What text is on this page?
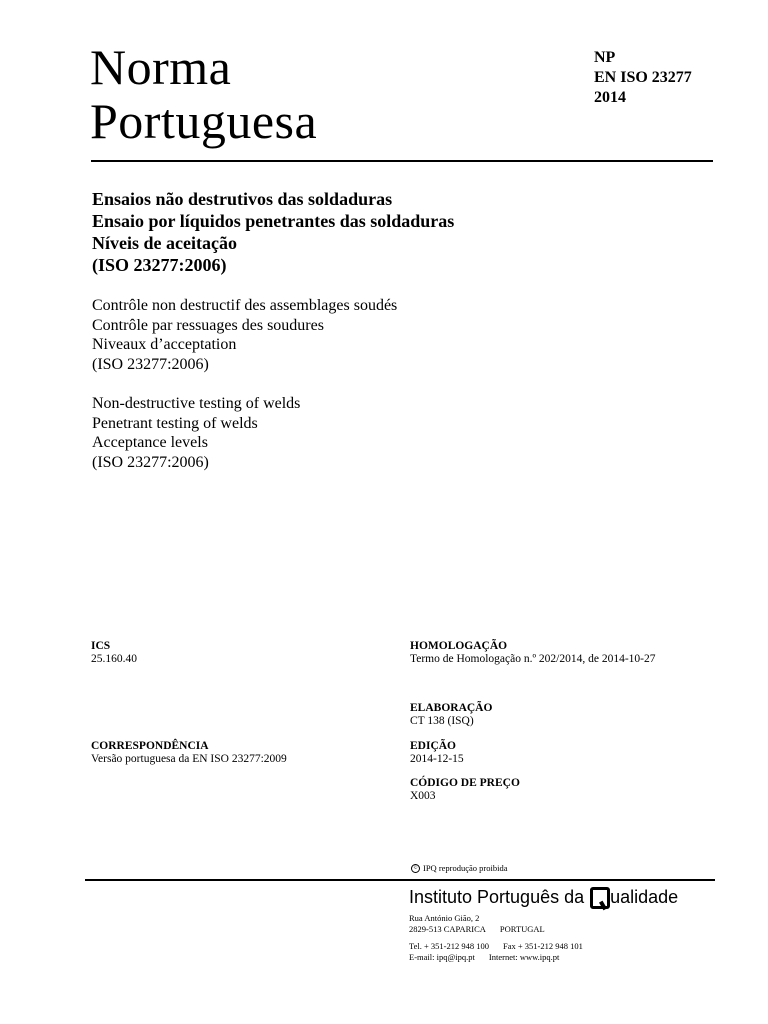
Norma
Portuguesa
NP
EN ISO 23277
2014
Ensaios não destrutivos das soldaduras
Ensaio por líquidos penetrantes das soldaduras
Níveis de aceitação
(ISO 23277:2006)
Contrôle non destructif des assemblages soudés
Contrôle par ressuages des soudures
Niveaux d’acceptation
(ISO 23277:2006)
Non-destructive testing of welds
Penetrant testing of welds
Acceptance levels
(ISO 23277:2006)
ICS
25.160.40
CORRESPONDÊNCIA
Versão portuguesa da EN ISO 23277:2009
HOMOLOGAÇÃO
Termo de Homologação n.º 202/2014, de 2014-10-27
ELABORAÇÃO
CT 138 (ISQ)
EDIÇÃO
2014-12-15
CÓDIGO DE PREÇO
X003
© IPQ reprodução proibida
Instituto Português da ualidade
Rua António Gião, 2
2829-513 CAPARICA PORTUGAL
Tel. + 351-212 948 100 Fax + 351-212 948 101
E-mail: ipq@ipq.pt Internet: www.ipq.pt
